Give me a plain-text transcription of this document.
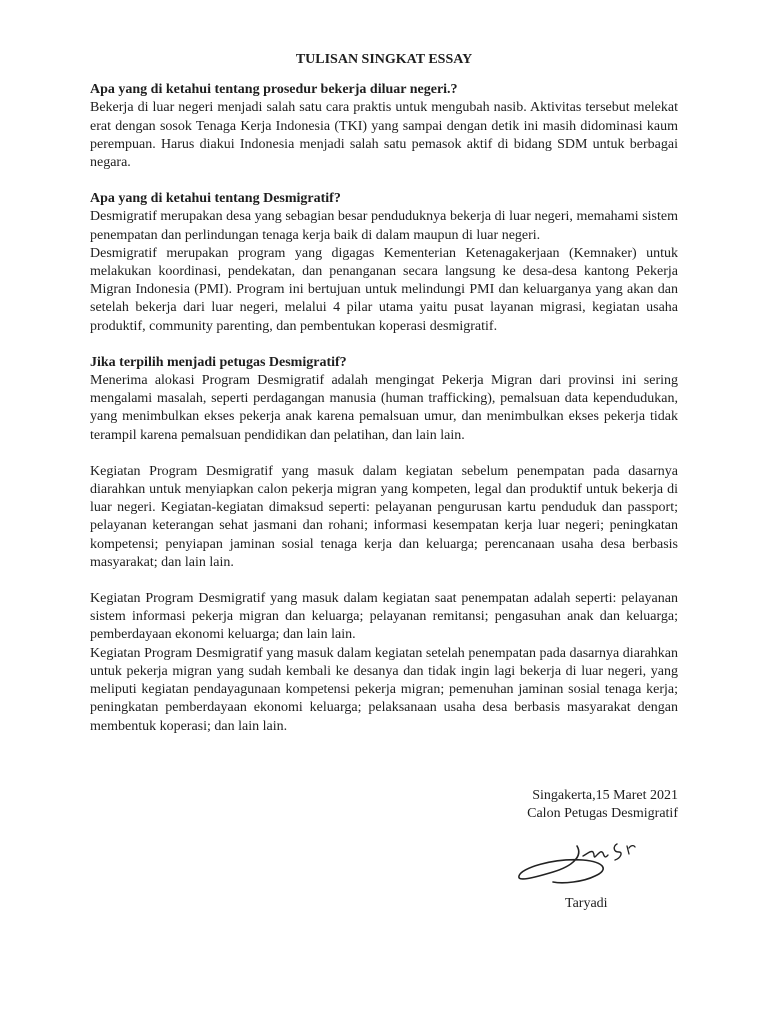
TULISAN SINGKAT ESSAY

Apa yang di ketahui tentang prosedur bekerja diluar negeri.?

Bekerja di luar negeri menjadi salah satu cara praktis untuk mengubah nasib. Aktivitas tersebut melekat erat dengan sosok Tenaga Kerja Indonesia (TKI) yang sampai dengan detik ini masih didominasi kaum perempuan. Harus diakui Indonesia menjadi salah satu pemasok aktif di bidang SDM untuk berbagai negara.

Apa yang di ketahui tentang Desmigratif?

Desmigratif merupakan desa yang sebagian besar penduduknya bekerja di luar negeri, memahami sistem penempatan dan perlindungan tenaga kerja baik di dalam maupun di luar negeri.

Desmigratif merupakan program yang digagas Kementerian Ketenagakerjaan (Kemnaker) untuk melakukan koordinasi, pendekatan, dan penanganan secara langsung ke desa-desa kantong Pekerja Migran Indonesia (PMI). Program ini bertujuan untuk melindungi PMI dan keluarganya yang akan dan setelah bekerja dari luar negeri, melalui 4 pilar utama yaitu pusat layanan migrasi, kegiatan usaha produktif, community parenting, dan pembentukan koperasi desmigratif.

Jika terpilih menjadi petugas Desmigratif?

Menerima alokasi Program Desmigratif adalah mengingat Pekerja Migran dari provinsi ini sering mengalami masalah, seperti perdagangan manusia (human trafficking), pemalsuan data kependudukan, yang menimbulkan ekses pekerja anak karena pemalsuan umur, dan menimbulkan ekses pekerja tidak terampil karena pemalsuan pendidikan dan pelatihan, dan lain lain.

Kegiatan Program Desmigratif yang masuk dalam kegiatan sebelum penempatan pada dasarnya diarahkan untuk menyiapkan calon pekerja migran yang kompeten, legal dan produktif untuk bekerja di luar negeri. Kegiatan-kegiatan dimaksud seperti: pelayanan pengurusan kartu penduduk dan passport; pelayanan keterangan sehat jasmani dan rohani; informasi kesempatan kerja luar negeri; peningkatan kompetensi; penyiapan jaminan sosial tenaga kerja dan keluarga; perencanaan usaha desa berbasis masyarakat; dan lain lain.

Kegiatan Program Desmigratif yang masuk dalam kegiatan saat penempatan adalah seperti: pelayanan sistem informasi pekerja migran dan keluarga; pelayanan remitansi; pengasuhan anak dan keluarga; pemberdayaan ekonomi keluarga; dan lain lain.

Kegiatan Program Desmigratif yang masuk dalam kegiatan setelah penempatan pada dasarnya diarahkan untuk pekerja migran yang sudah kembali ke desanya dan tidak ingin lagi bekerja di luar negeri, yang meliputi kegiatan pendayagunaan kompetensi pekerja migran; pemenuhan jaminan sosial tenaga kerja; peningkatan pemberdayaan ekonomi keluarga; pelaksanaan usaha desa berbasis masyarakat dengan membentuk koperasi; dan lain lain.

Singakerta,15 Maret 2021
Calon Petugas Desmigratif
Taryadi
